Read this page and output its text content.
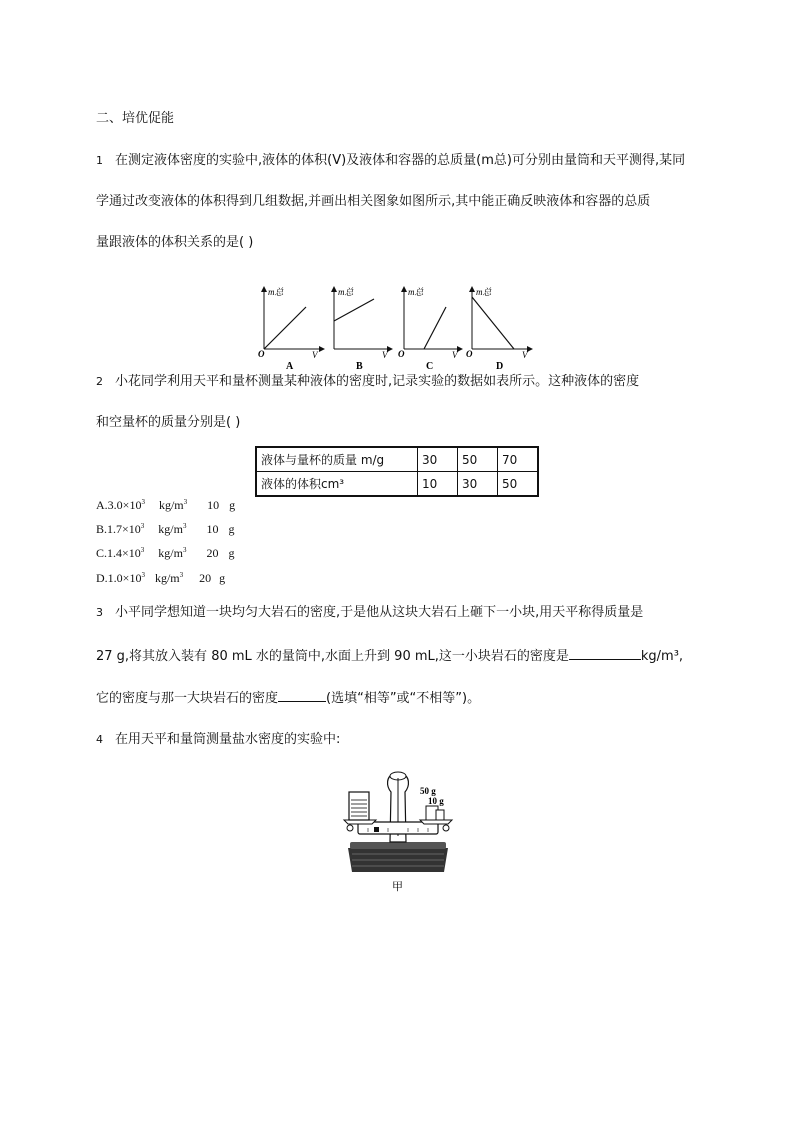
二、培优促能
1 在测定液体密度的实验中,液体的体积(V)及液体和容器的总质量(m总)可分别由量筒和天平测得,某同
学通过改变液体的体积得到几组数据,并画出相关图象如图所示,其中能正确反映液体和容器的总质
量跟液体的体积关系的是( )
m总
O	V
A
m总
V
B
m总
O	V
C
m总
O	V
D
2 小花同学利用天平和量杯测量某种液体的密度时,记录实验的数据如表所示。这种液体的密度
和空量杯的质量分别是( )
液体与量杯的质量 m/g	30	50	70
液体的体积cm³	10	30	50
$A.3.0\times 10^3$ $kg/m^3$ 10 g
$B.1.7\times 10^3$ $kg/m^3$ 10 g
$C.1.4\times 10^3$ $kg/m^3$ 20 g
$D.1.0\times 10^3$ $kg/m^3$ 20 g
3 小平同学想知道一块均匀大岩石的密度,于是他从这块大岩石上砸下一小块,用天平称得质量是
27 g,将其放入装有 80 mL 水的量筒中,水面上升到 90 mL,这一小块岩石的密度是	kg/m³,
它的密度与那一大块岩石的密度	(选填“相等”或“不相等”)。
4 在用天平和量筒测量盐水密度的实验中:
50 g
10 g
甲
